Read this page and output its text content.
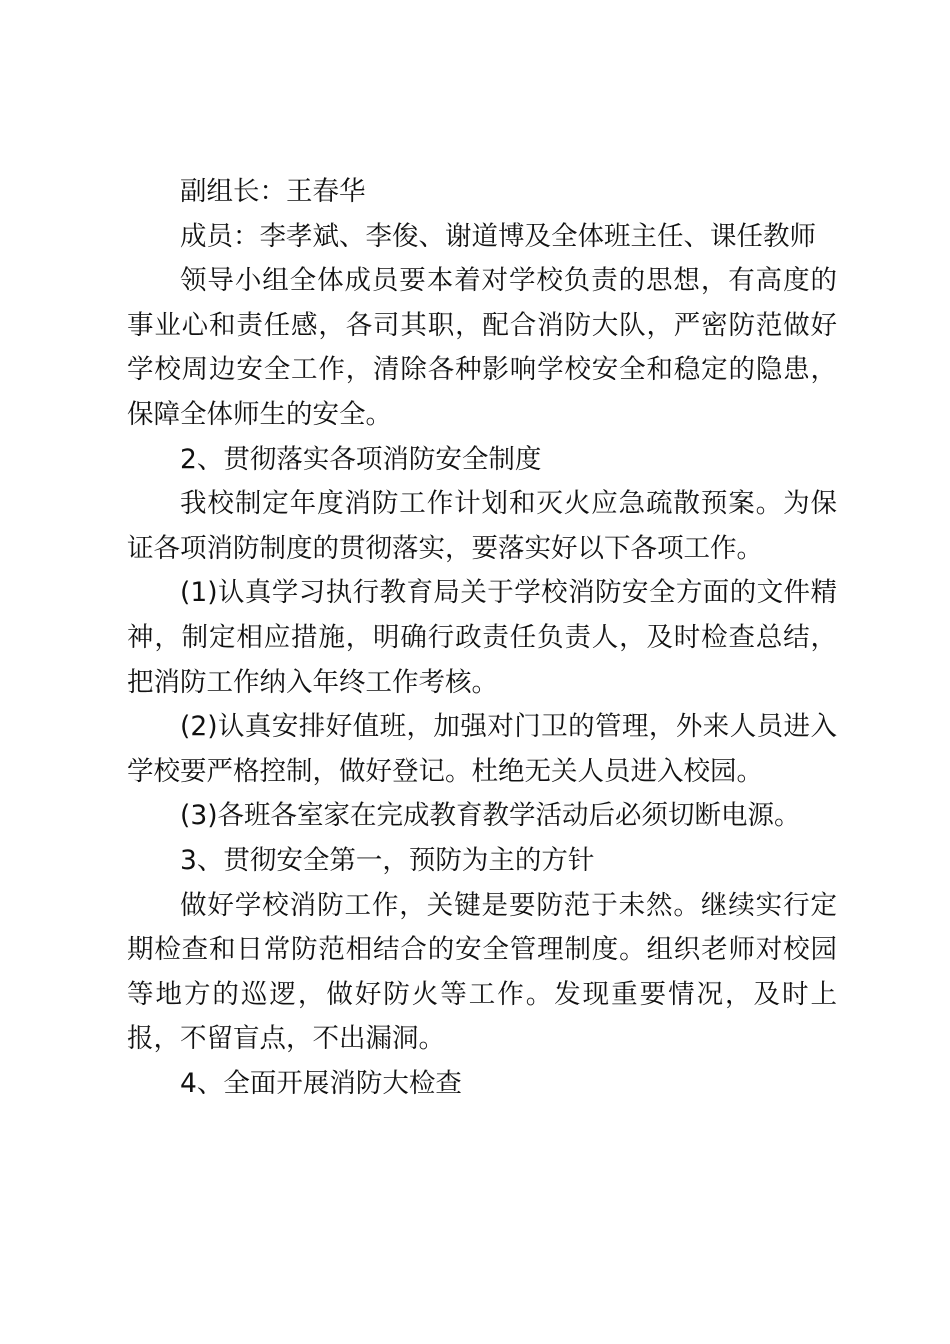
副组长：王春华

成员：李孝斌、李俊、谢道博及全体班主任、课任教师

领导小组全体成员要本着对学校负责的思想，有高度的事业心和责任感，各司其职，配合消防大队，严密防范做好学校周边安全工作，清除各种影响学校安全和稳定的隐患，保障全体师生的安全。

2、贯彻落实各项消防安全制度

我校制定年度消防工作计划和灭火应急疏散预案。为保证各项消防制度的贯彻落实，要落实好以下各项工作。

(1)认真学习执行教育局关于学校消防安全方面的文件精神，制定相应措施，明确行政责任负责人，及时检查总结，把消防工作纳入年终工作考核。

(2)认真安排好值班，加强对门卫的管理，外来人员进入学校要严格控制，做好登记。杜绝无关人员进入校园。

(3)各班各室家在完成教育教学活动后必须切断电源。

3、贯彻安全第一，预防为主的方针

做好学校消防工作，关键是要防范于未然。继续实行定期检查和日常防范相结合的安全管理制度。组织老师对校园等地方的巡逻，做好防火等工作。发现重要情况，及时上报，不留盲点，不出漏洞。

4、全面开展消防大检查
